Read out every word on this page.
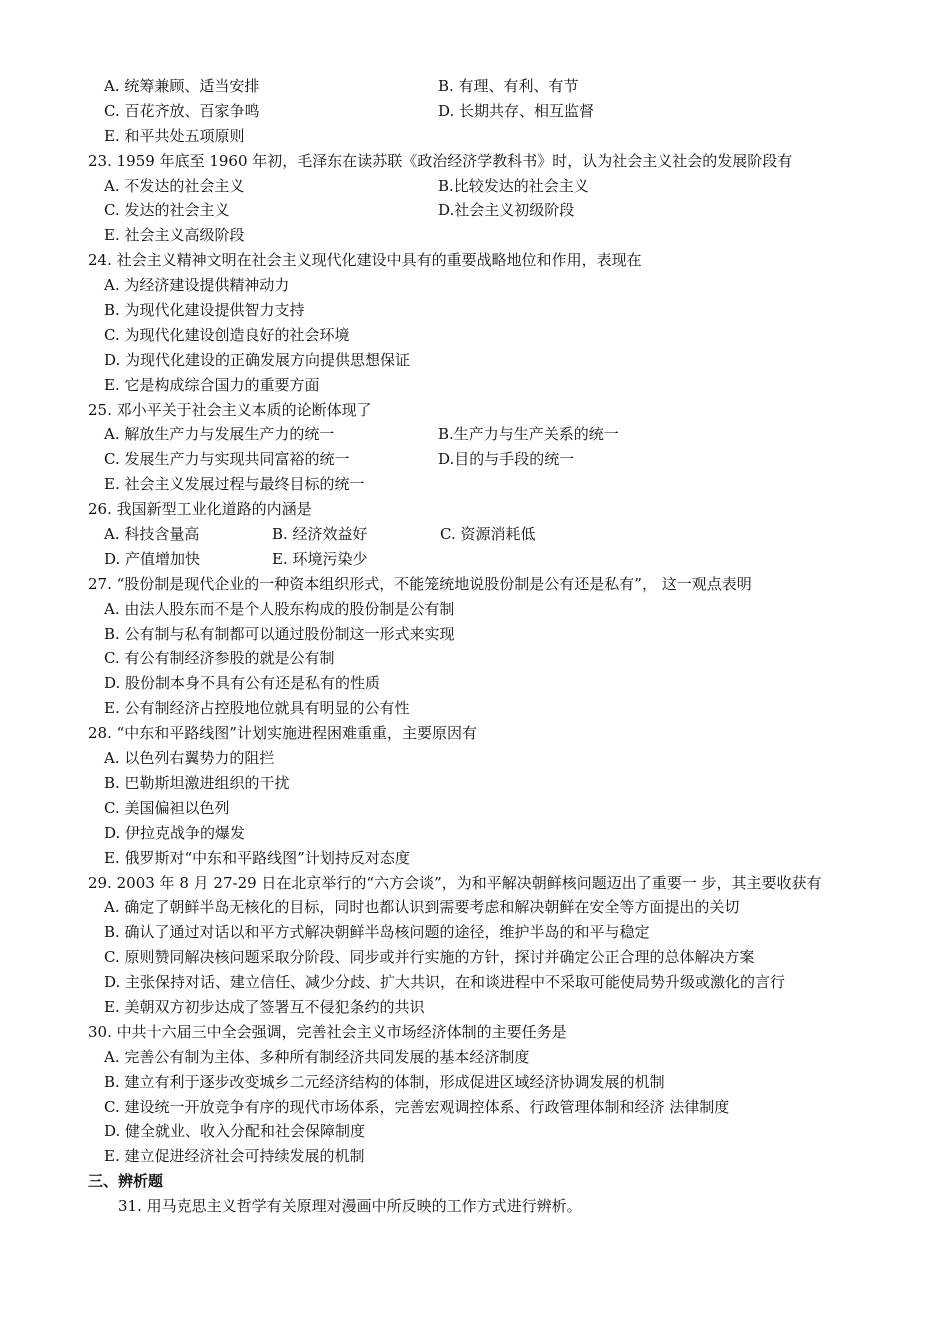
A. 统筹兼顾、适当安排	B. 有理、有利、有节
C. 百花齐放、百家争鸣	D. 长期共存、相互监督
E. 和平共处五项原则
23. 1959 年底至 1960 年初，毛泽东在读苏联《政治经济学教科书》时，认为社会主义社会的发展阶段有
A. 不发达的社会主义	B.比较发达的社会主义
C. 发达的社会主义	D.社会主义初级阶段
E. 社会主义高级阶段
24. 社会主义精神文明在社会主义现代化建设中具有的重要战略地位和作用，表现在
A. 为经济建设提供精神动力
B. 为现代化建设提供智力支持
C. 为现代化建设创造良好的社会环境
D. 为现代化建设的正确发展方向提供思想保证
E. 它是构成综合国力的重要方面
25. 邓小平关于社会主义本质的论断体现了
A. 解放生产力与发展生产力的统一	B.生产力与生产关系的统一
C. 发展生产力与实现共同富裕的统一	D.目的与手段的统一
E. 社会主义发展过程与最终目标的统一
26. 我国新型工业化道路的内涵是
A. 科技含量高	B. 经济效益好	C. 资源消耗低
D. 产值增加快	E. 环境污染少
27. “股份制是现代企业的一种资本组织形式，不能笼统地说股份制是公有还是私有”， 这一观点表明
A. 由法人股东而不是个人股东构成的股份制是公有制
B. 公有制与私有制都可以通过股份制这一形式来实现
C. 有公有制经济参股的就是公有制
D. 股份制本身不具有公有还是私有的性质
E. 公有制经济占控股地位就具有明显的公有性
28. “中东和平路线图”计划实施进程困难重重，主要原因有
A. 以色列右翼势力的阻拦
B. 巴勒斯坦激进组织的干扰
C. 美国偏袒以色列
D. 伊拉克战争的爆发
E. 俄罗斯对“中东和平路线图”计划持反对态度
29. 2003 年 8 月 27-29 日在北京举行的“六方会谈”，为和平解决朝鲜核问题迈出了重要一 步，其主要收获有
A. 确定了朝鲜半岛无核化的目标，同时也都认识到需要考虑和解决朝鲜在安全等方面提出的关切
B. 确认了通过对话以和平方式解决朝鲜半岛核问题的途径，维护半岛的和平与稳定
C. 原则赞同解决核问题采取分阶段、同步或并行实施的方针，探讨并确定公正合理的总体解决方案
D. 主张保持对话、建立信任、减少分歧、扩大共识，在和谈进程中不采取可能使局势升级或激化的言行
E. 美朝双方初步达成了签署互不侵犯条约的共识
30. 中共十六届三中全会强调，完善社会主义市场经济体制的主要任务是
A. 完善公有制为主体、多种所有制经济共同发展的基本经济制度
B. 建立有利于逐步改变城乡二元经济结构的体制，形成促进区域经济协调发展的机制
C. 建设统一开放竞争有序的现代市场体系，完善宏观调控体系、行政管理体制和经济 法律制度
D. 健全就业、收入分配和社会保障制度
E. 建立促进经济社会可持续发展的机制
三、辨析题
31. 用马克思主义哲学有关原理对漫画中所反映的工作方式进行辨析。
